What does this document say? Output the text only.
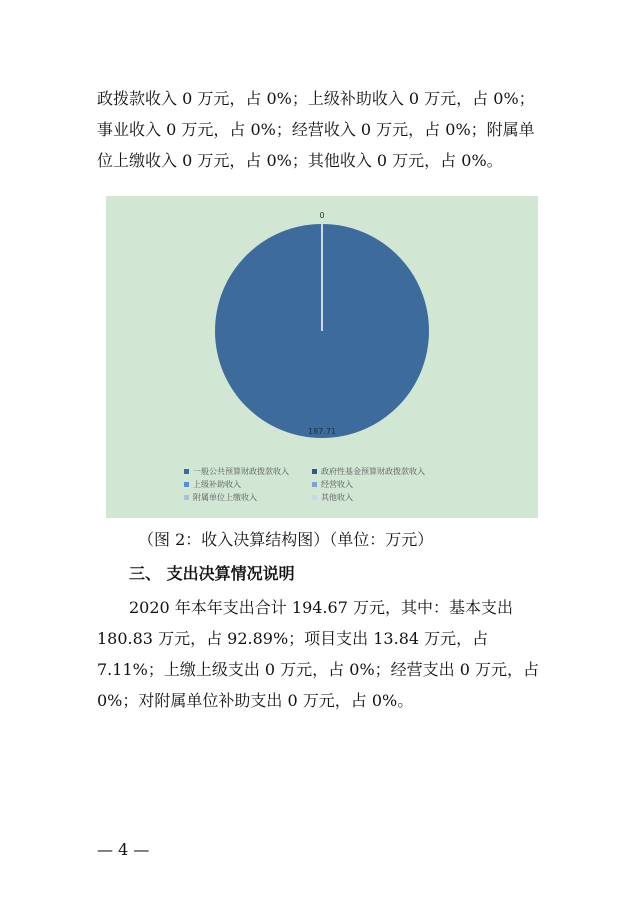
政拨款收入 0 万元，占 0%；上级补助收入 0 万元，占 0%；事业收入 0 万元，占 0%；经营收入 0 万元，占 0%；附属单位上缴收入 0 万元，占 0%；其他收入 0 万元，占 0%。

187.71
0
一般公共预算财政拨款收入	政府性基金预算财政拨款收入
上级补助收入	经营收入
附属单位上缴收入	其他收入

（图 2：收入决算结构图）（单位：万元）

三、 支出决算情况说明

2020 年本年支出合计 194.67 万元，其中：基本支出 180.83 万元，占 92.89%；项目支出 13.84 万元，占 7.11%；上缴上级支出 0 万元，占 0%；经营支出 0 万元，占 0%；对附属单位补助支出 0 万元，占 0%。

— 4 —
